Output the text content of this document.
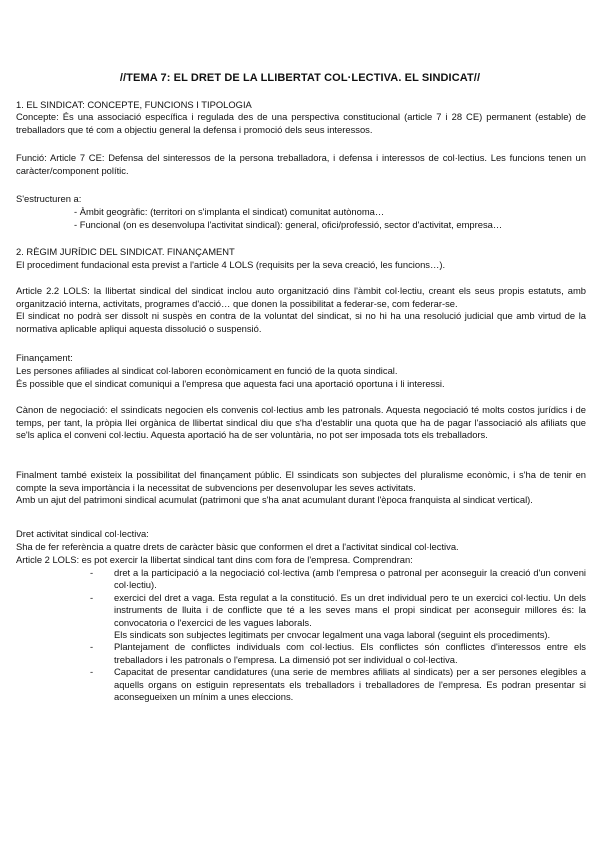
//TEMA 7: EL DRET DE LA LLIBERTAT COL·LECTIVA. EL SINDICAT//
1. EL SINDICAT: CONCEPTE, FUNCIONS I TIPOLOGIA
Concepte: És una associació específica i regulada des de una perspectiva constitucional (article 7 i 28 CE) permanent (estable) de treballadors que té com a objectiu general la defensa i promoció dels seus interessos.
Funció: Article 7 CE: Defensa del sinteressos de la persona treballadora, i defensa i interessos de col·lectius. Les funcions tenen un caràcter/component polític.
S'estructuren a:
- Àmbit geogràfic: (territori on s'implanta el sindicat) comunitat autònoma…
- Funcional (on es desenvolupa l'activitat sindical): general, ofici/professió, sector d'activitat, empresa…
2. RÈGIM JURÍDIC DEL SINDICAT. FINANÇAMENT
El procediment fundacional esta previst a l'article 4 LOLS (requisits per la seva creació, les funcions…).
Article 2.2 LOLS: la llibertat sindical del sindicat inclou auto organització dins l'àmbit col·lectiu, creant els seus propis estatuts, amb organització interna, activitats, programes d'acció… que donen la possibilitat a federar-se, com federar-se.
El sindicat no podrà ser dissolt ni suspès en contra de la voluntat del sindicat, si no hi ha una resolució judicial que amb virtud de la normativa aplicable apliqui aquesta dissolució o suspensió.
Finançament:
Les persones afiliades al sindicat col·laboren econòmicament en funció de la quota sindical.
És possible que el sindicat comuniqui a l'empresa que aquesta faci una aportació oportuna i li interessi.
Cànon de negociació: el ssindicats negocien els convenis col·lectius amb les patronals. Aquesta negociació té molts costos jurídics i de temps, per tant, la pròpia llei orgànica de llibertat sindical diu que s'ha d'establir una quota que ha de pagar l'associació als afiliats que se'ls aplica el conveni col·lectiu. Aquesta aportació ha de ser voluntària, no pot ser imposada tots els treballadors.
Finalment també existeix la possibilitat del finançament públic. El ssindicats son subjectes del pluralisme econòmic, i s'ha de tenir en compte la seva importància i la necessitat de subvencions per desenvolupar les seves activitats.
Amb un ajut del patrimoni sindical acumulat (patrimoni que s'ha anat acumulant durant l'època franquista al sindicat vertical).
Dret activitat sindical col·lectiva:
Sha de fer referència a quatre drets de caràcter bàsic que conformen el dret a l'activitat sindical col·lectiva.
Article 2 LOLS: es pot exercir la llibertat sindical tant dins com fora de l'empresa. Comprendran:
- dret a la participació a la negociació col·lectiva (amb l'empresa o patronal per aconseguir la creació d'un conveni col·lectiu).
- exercici del dret a vaga. Esta regulat a la constitució. Es un dret individual pero te un exercici col·lectiu. Un dels instruments de lluita i de conflicte que té a les seves mans el propi sindicat per aconseguir millores és: la convocatoria o l'exercici de les vagues laborals.
Els sindicats son subjectes legitimats per cnvocar legalment una vaga laboral (seguint els procediments).
- Plantejament de conflictes individuals com col·lectius. Els conflictes són conflictes d'interessos entre els treballadors i les patronals o l'empresa. La dimensió pot ser individual o col·lectiva.
- Capacitat de presentar candidatures (una serie de membres afiliats al sindicats) per a ser persones elegibles a aquells organs on estiguin representats els treballadors i treballadores de l'empresa. Es podran presentar si aconsegueixen un mínim a unes eleccions.
